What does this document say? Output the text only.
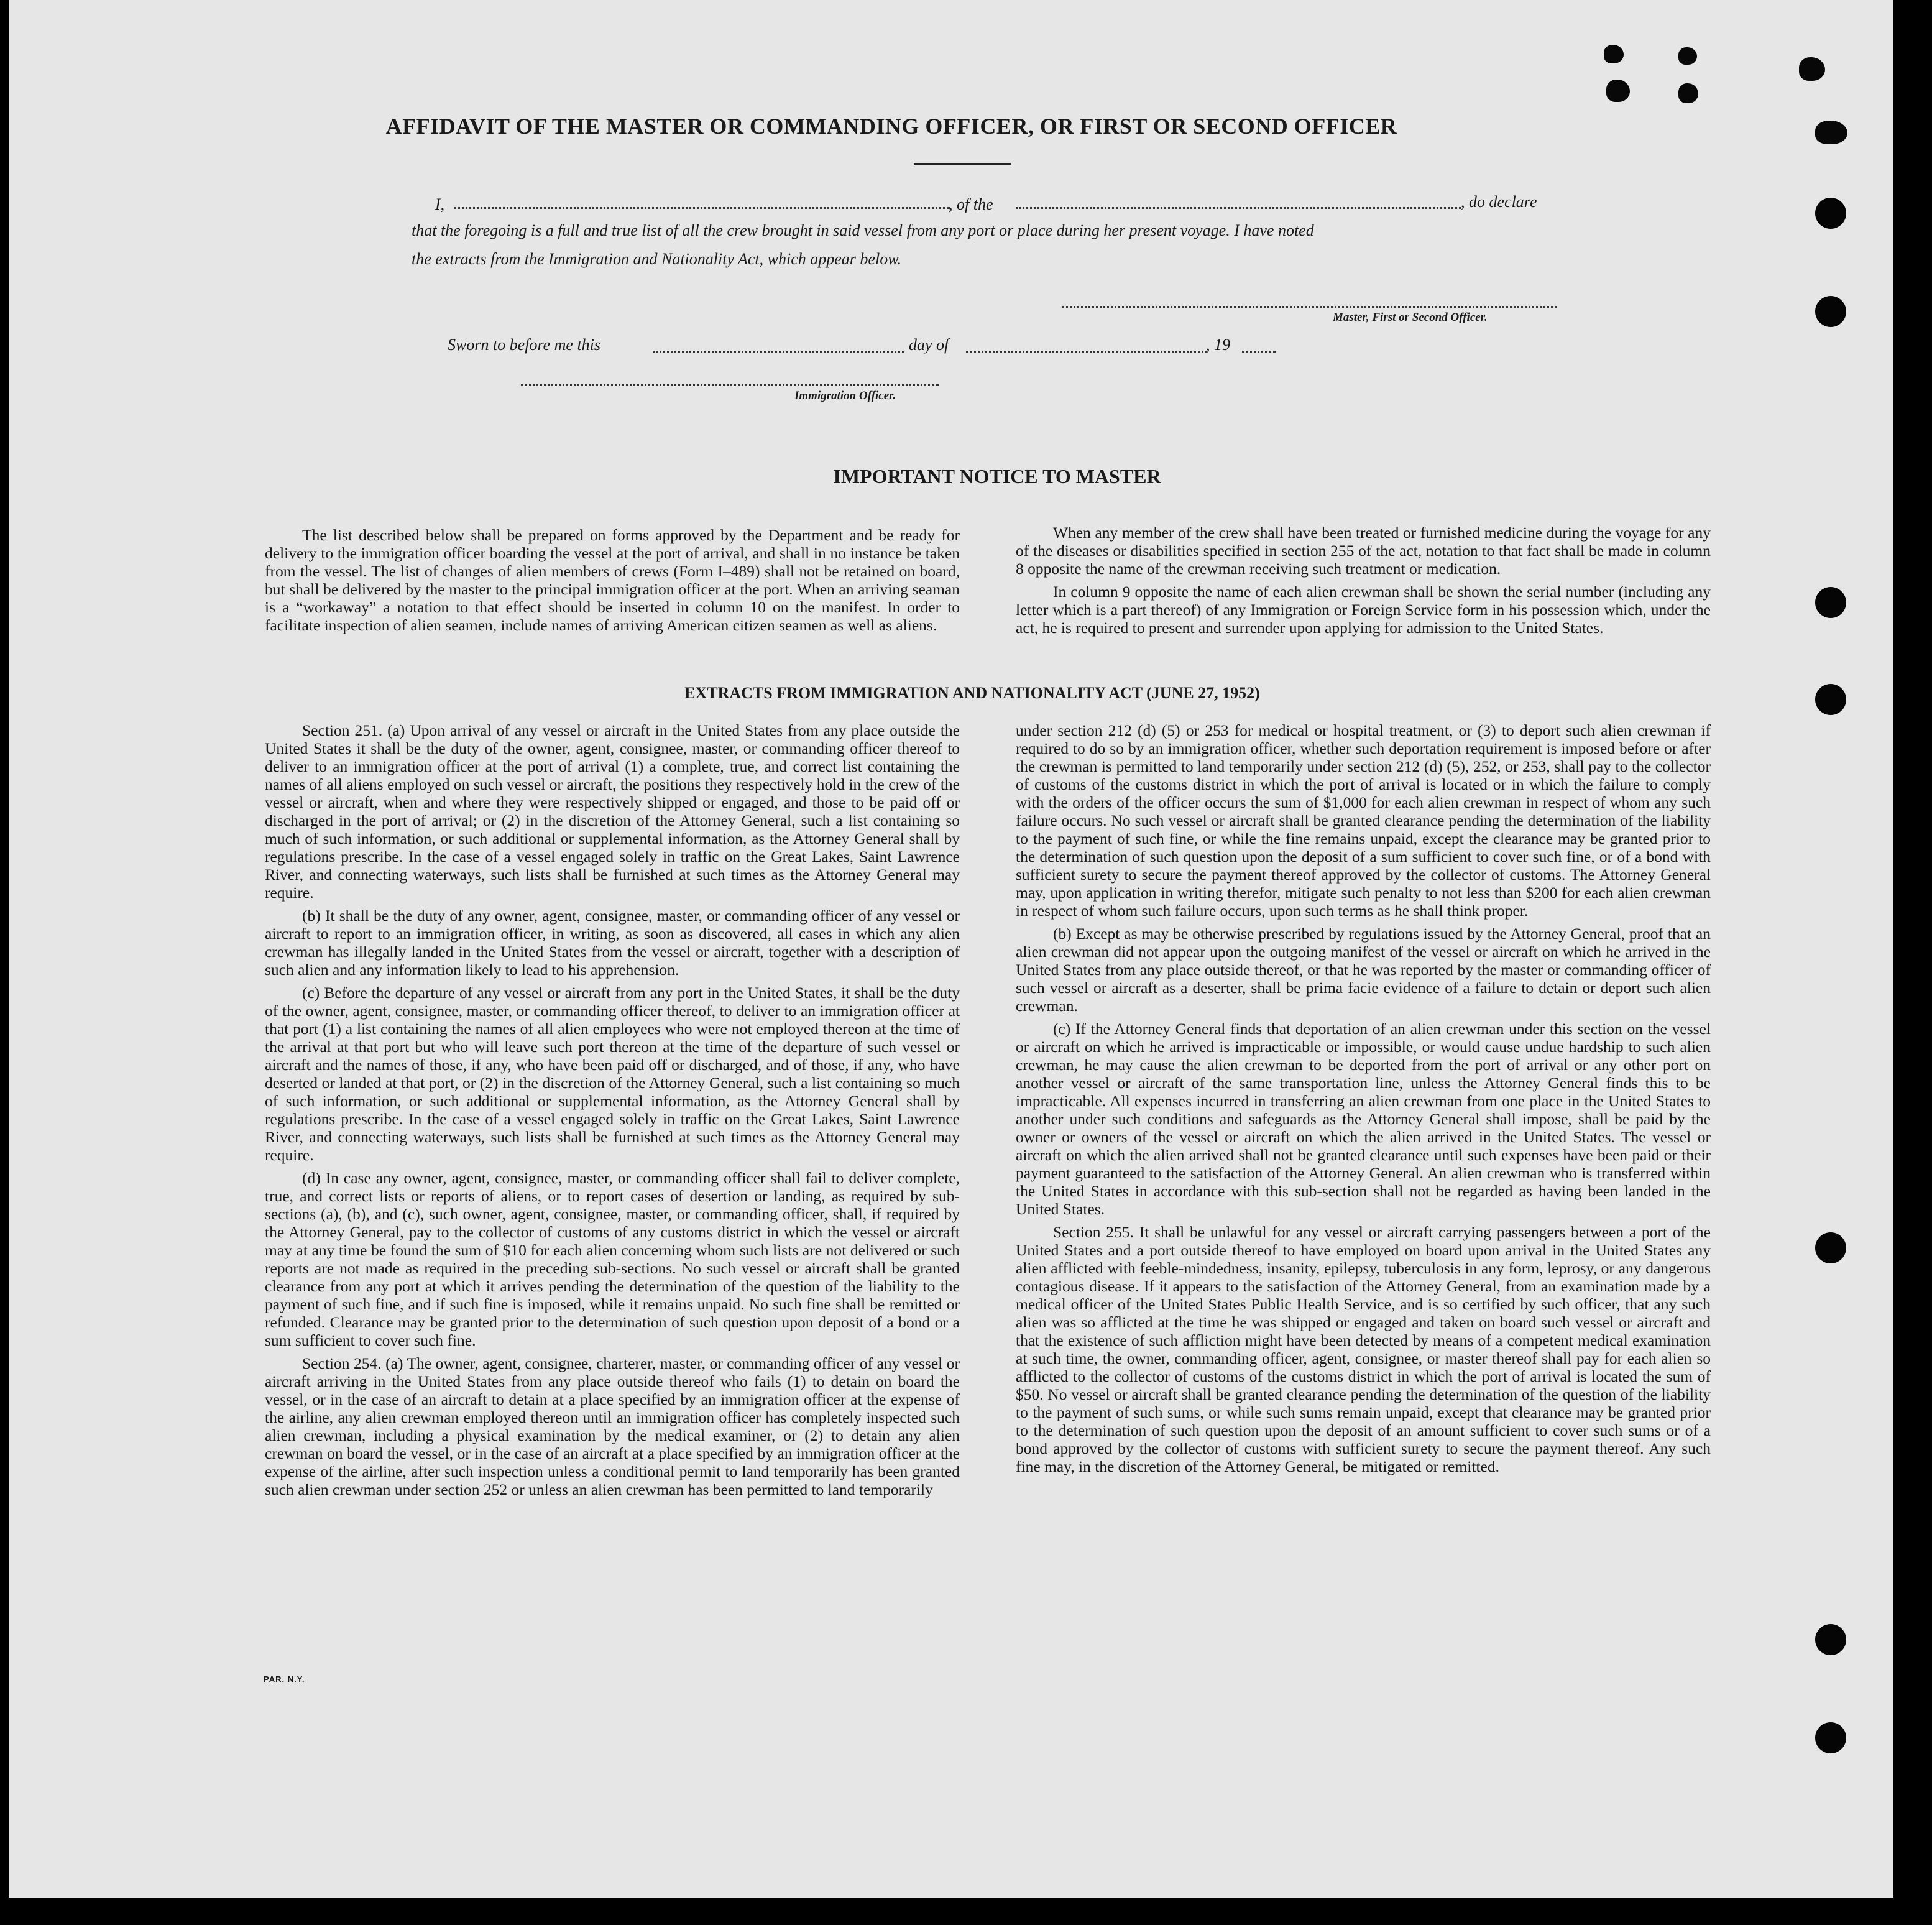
AFFIDAVIT OF THE MASTER OR COMMANDING OFFICER, OR FIRST OR SECOND OFFICER
I,	, of the	, do declare
that the foregoing is a full and true list of all the crew brought in said vessel from any port or place during her present voyage. I have noted
the extracts from the Immigration and Nationality Act, which appear below.
Master, First or Second Officer.
Sworn to before me this	day of	, 19
Immigration Officer.
IMPORTANT NOTICE TO MASTER

The list described below shall be prepared on forms approved by the Department and be ready for delivery to the immigration officer boarding the vessel at the port of arrival, and shall in no instance be taken from the vessel. The list of changes of alien members of crews (Form I–489) shall not be retained on board, but shall be delivered by the master to the principal immigration officer at the port. When an arriving seaman is a “workaway” a notation to that effect should be inserted in column 10 on the manifest. In order to facilitate inspection of alien seamen, include names of arriving American citizen seamen as well as aliens.

When any member of the crew shall have been treated or furnished medicine during the voyage for any of the diseases or disabilities specified in section 255 of the act, notation to that fact shall be made in column 8 opposite the name of the crewman receiving such treatment or medication.

In column 9 opposite the name of each alien crewman shall be shown the serial number (including any letter which is a part thereof) of any Immigration or Foreign Service form in his possession which, under the act, he is required to present and surrender upon applying for admission to the United States.

EXTRACTS FROM IMMIGRATION AND NATIONALITY ACT (JUNE 27, 1952)

Section 251. (a) Upon arrival of any vessel or aircraft in the United States from any place outside the United States it shall be the duty of the owner, agent, consignee, master, or commanding officer thereof to deliver to an immigration officer at the port of arrival (1) a complete, true, and correct list containing the names of all aliens employed on such vessel or aircraft, the positions they respectively hold in the crew of the vessel or aircraft, when and where they were respectively shipped or engaged, and those to be paid off or discharged in the port of arrival; or (2) in the discretion of the Attorney General, such a list containing so much of such information, or such additional or supplemental information, as the Attorney General shall by regulations prescribe. In the case of a vessel engaged solely in traffic on the Great Lakes, Saint Lawrence River, and connecting waterways, such lists shall be furnished at such times as the Attorney General may require.

(b) It shall be the duty of any owner, agent, consignee, master, or commanding officer of any vessel or aircraft to report to an immigration officer, in writing, as soon as discovered, all cases in which any alien crewman has illegally landed in the United States from the vessel or aircraft, together with a description of such alien and any information likely to lead to his apprehension.

(c) Before the departure of any vessel or aircraft from any port in the United States, it shall be the duty of the owner, agent, consignee, master, or commanding officer thereof, to deliver to an immigration officer at that port (1) a list containing the names of all alien employees who were not employed thereon at the time of the arrival at that port but who will leave such port thereon at the time of the departure of such vessel or aircraft and the names of those, if any, who have been paid off or discharged, and of those, if any, who have deserted or landed at that port, or (2) in the discretion of the Attorney General, such a list containing so much of such information, or such additional or supplemental information, as the Attorney General shall by regulations prescribe. In the case of a vessel engaged solely in traffic on the Great Lakes, Saint Lawrence River, and connecting waterways, such lists shall be furnished at such times as the Attorney General may require.

(d) In case any owner, agent, consignee, master, or commanding officer shall fail to deliver complete, true, and correct lists or reports of aliens, or to report cases of desertion or landing, as required by sub-sections (a), (b), and (c), such owner, agent, consignee, master, or commanding officer, shall, if required by the Attorney General, pay to the collector of customs of any customs district in which the vessel or aircraft may at any time be found the sum of $10 for each alien concerning whom such lists are not delivered or such reports are not made as required in the preceding sub-sections. No such vessel or aircraft shall be granted clearance from any port at which it arrives pending the determination of the question of the liability to the payment of such fine, and if such fine is imposed, while it remains unpaid. No such fine shall be remitted or refunded. Clearance may be granted prior to the determination of such question upon deposit of a bond or a sum sufficient to cover such fine.

Section 254. (a) The owner, agent, consignee, charterer, master, or commanding officer of any vessel or aircraft arriving in the United States from any place outside thereof who fails (1) to detain on board the vessel, or in the case of an aircraft to detain at a place specified by an immigration officer at the expense of the airline, any alien crewman employed thereon until an immigration officer has completely inspected such alien crewman, including a physical examination by the medical examiner, or (2) to detain any alien crewman on board the vessel, or in the case of an aircraft at a place specified by an immigration officer at the expense of the airline, after such inspection unless a conditional permit to land temporarily has been granted such alien crewman under section 252 or unless an alien crewman has been permitted to land temporarily

under section 212 (d) (5) or 253 for medical or hospital treatment, or (3) to deport such alien crewman if required to do so by an immigration officer, whether such deportation requirement is imposed before or after the crewman is permitted to land temporarily under section 212 (d) (5), 252, or 253, shall pay to the collector of customs of the customs district in which the port of arrival is located or in which the failure to comply with the orders of the officer occurs the sum of $1,000 for each alien crewman in respect of whom any such failure occurs. No such vessel or aircraft shall be granted clearance pending the determination of the liability to the payment of such fine, or while the fine remains unpaid, except the clearance may be granted prior to the determination of such question upon the deposit of a sum sufficient to cover such fine, or of a bond with sufficient surety to secure the payment thereof approved by the collector of customs. The Attorney General may, upon application in writing therefor, mitigate such penalty to not less than $200 for each alien crewman in respect of whom such failure occurs, upon such terms as he shall think proper.

(b) Except as may be otherwise prescribed by regulations issued by the Attorney General, proof that an alien crewman did not appear upon the outgoing manifest of the vessel or aircraft on which he arrived in the United States from any place outside thereof, or that he was reported by the master or commanding officer of such vessel or aircraft as a deserter, shall be prima facie evidence of a failure to detain or deport such alien crewman.

(c) If the Attorney General finds that deportation of an alien crewman under this section on the vessel or aircraft on which he arrived is impracticable or impossible, or would cause undue hardship to such alien crewman, he may cause the alien crewman to be deported from the port of arrival or any other port on another vessel or aircraft of the same transportation line, unless the Attorney General finds this to be impracticable. All expenses incurred in transferring an alien crewman from one place in the United States to another under such conditions and safeguards as the Attorney General shall impose, shall be paid by the owner or owners of the vessel or aircraft on which the alien arrived in the United States. The vessel or aircraft on which the alien arrived shall not be granted clearance until such expenses have been paid or their payment guaranteed to the satisfaction of the Attorney General. An alien crewman who is transferred within the United States in accordance with this sub-section shall not be regarded as having been landed in the United States.

Section 255. It shall be unlawful for any vessel or aircraft carrying passengers between a port of the United States and a port outside thereof to have employed on board upon arrival in the United States any alien afflicted with feeble-mindedness, insanity, epilepsy, tuberculosis in any form, leprosy, or any dangerous contagious disease. If it appears to the satisfaction of the Attorney General, from an examination made by a medical officer of the United States Public Health Service, and is so certified by such officer, that any such alien was so afflicted at the time he was shipped or engaged and taken on board such vessel or aircraft and that the existence of such affliction might have been detected by means of a competent medical examination at such time, the owner, commanding officer, agent, consignee, or master thereof shall pay for each alien so afflicted to the collector of customs of the customs district in which the port of arrival is located the sum of $50. No vessel or aircraft shall be granted clearance pending the determination of the question of the liability to the payment of such sums, or while such sums remain unpaid, except that clearance may be granted prior to the determination of such question upon the deposit of an amount sufficient to cover such sums or of a bond approved by the collector of customs with sufficient surety to secure the payment thereof. Any such fine may, in the discretion of the Attorney General, be mitigated or remitted.

PAR. N.Y.
